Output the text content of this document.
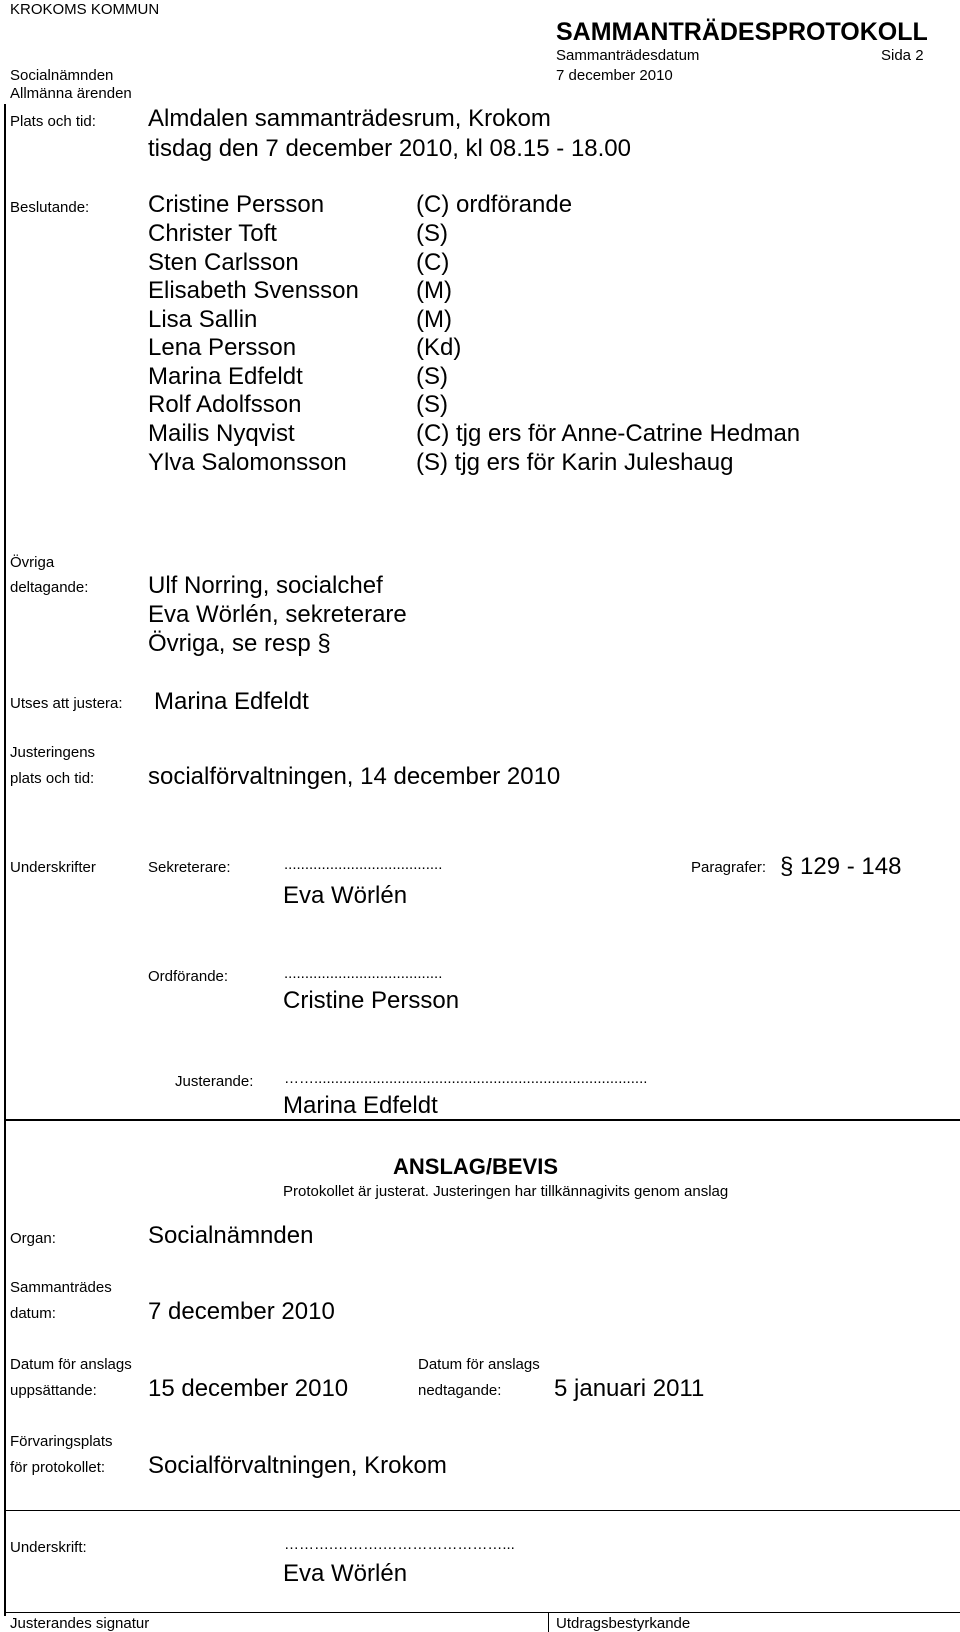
KROKOMS KOMMUN
SAMMANTRÄDESPROTOKOLL
Sammanträdesdatum	Sida 2
Socialnämnden	7 december 2010
Allmänna ärenden
Plats och tid: Almdalen sammanträdesrum, Krokom
tisdag den 7 december 2010, kl 08.15 - 18.00
Beslutande: Cristine Persson	(C) ordförande
Christer Toft	(S)
Sten Carlsson	(C)
Elisabeth Svensson (M)
Lisa Sallin	(M)
Lena Persson	(Kd)
Marina Edfeldt	(S)
Rolf Adolfsson	(S)
Mailis Nyqvist	(C) tjg ers för Anne-Catrine Hedman
Ylva Salomonsson	(S) tjg ers för Karin Juleshaug
Övriga
deltagande: Ulf Norring, socialchef
Eva Wörlén, sekreterare
Övriga, se resp §
Utses att justera: Marina Edfeldt
Justeringens
plats och tid: socialförvaltningen, 14 december 2010
Underskrifter	Sekreterare:	......................................
Eva Wörlén
Paragrafer: § 129 - 148
Ordförande:	......................................
Cristine Persson
Justerande: ……................................................................................
Marina Edfeldt
ANSLAG/BEVIS
Protokollet är justerat. Justeringen har tillkännagivits genom anslag
Organ:	Socialnämnden
Sammanträdes
datum:	7 december 2010
Datum för anslags
uppsättande: 15 december 2010
Datum för anslags
nedtagande: 5 januari 2011
Förvaringsplats
för protokollet: Socialförvaltningen, Krokom
Underskrift:	……….……….……………………...
Eva Wörlén
Justerandes signatur	Utdragsbestyrkande
